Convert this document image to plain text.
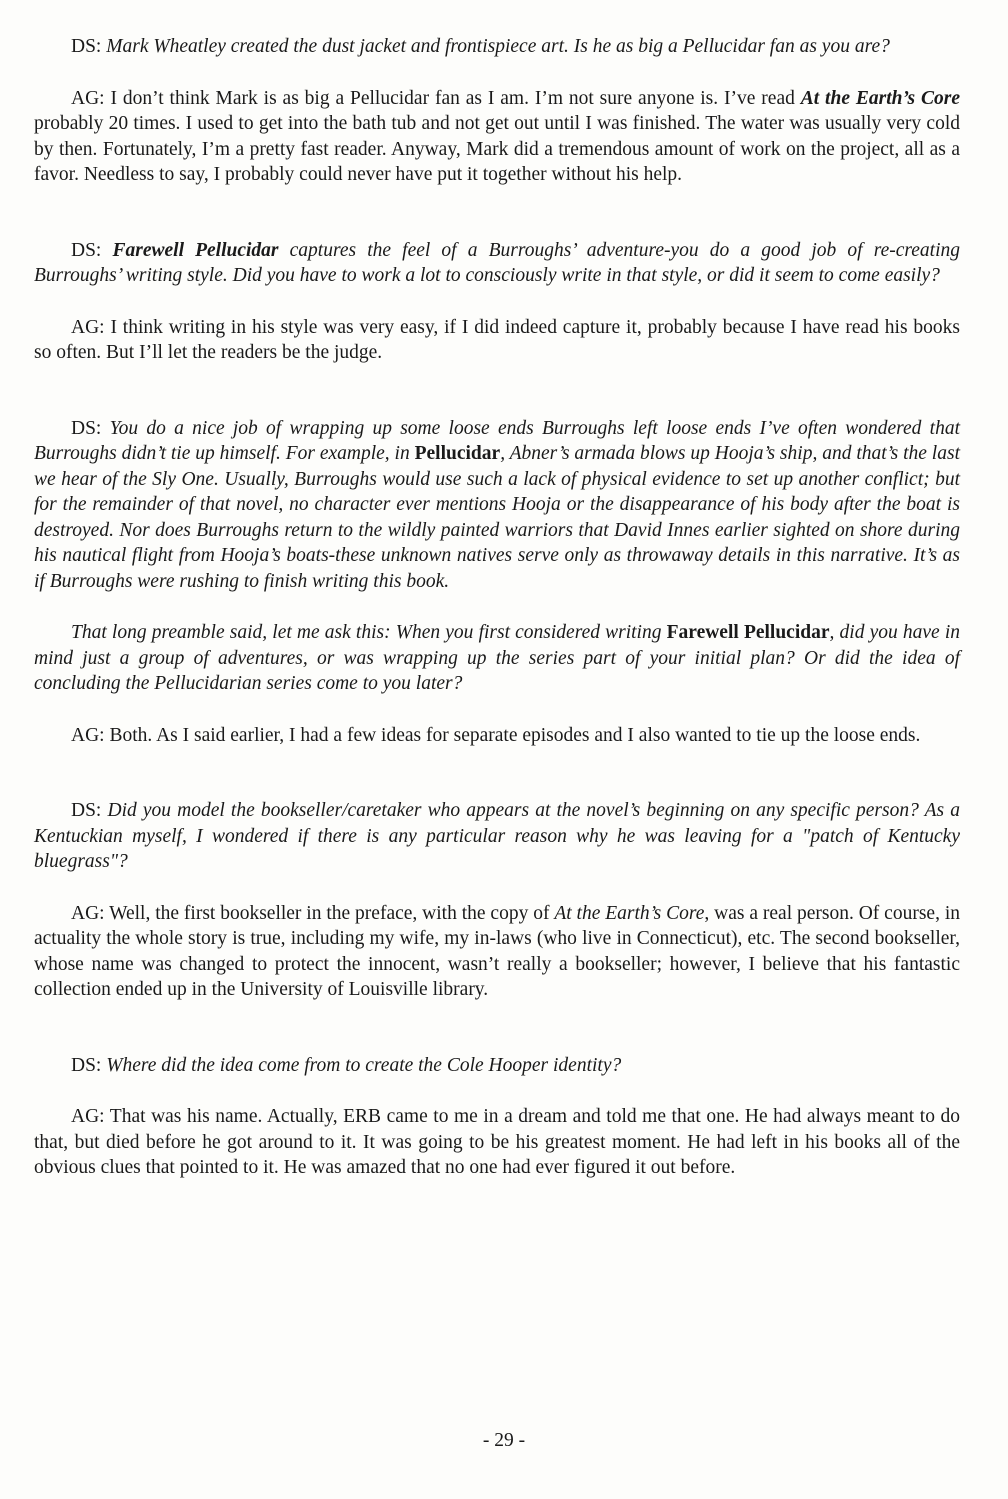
DS: Mark Wheatley created the dust jacket and frontispiece art. Is he as big a Pellucidar fan as you are?

AG: I don’t think Mark is as big a Pellucidar fan as I am. I’m not sure anyone is. I’ve read At the Earth’s Core probably 20 times. I used to get into the bath tub and not get out until I was finished. The water was usually very cold by then. Fortunately, I’m a pretty fast reader. Anyway, Mark did a tremendous amount of work on the project, all as a favor. Needless to say, I probably could never have put it together without his help.

DS: Farewell Pellucidar captures the feel of a Burroughs’ adventure-you do a good job of re-creating Burroughs’ writing style. Did you have to work a lot to consciously write in that style, or did it seem to come easily?

AG: I think writing in his style was very easy, if I did indeed capture it, probably because I have read his books so often. But I’ll let the readers be the judge.

DS: You do a nice job of wrapping up some loose ends Burroughs left loose ends I’ve often wondered that Burroughs didn’t tie up himself. For example, in Pellucidar, Abner’s armada blows up Hooja’s ship, and that’s the last we hear of the Sly One. Usually, Burroughs would use such a lack of physical evidence to set up another conflict; but for the remainder of that novel, no character ever mentions Hooja or the disappearance of his body after the boat is destroyed. Nor does Burroughs return to the wildly painted warriors that David Innes earlier sighted on shore during his nautical flight from Hooja’s boats-these unknown natives serve only as throwaway details in this narrative. It’s as if Burroughs were rushing to finish writing this book.

That long preamble said, let me ask this: When you first considered writing Farewell Pellucidar, did you have in mind just a group of adventures, or was wrapping up the series part of your initial plan? Or did the idea of concluding the Pellucidarian series come to you later?

AG: Both. As I said earlier, I had a few ideas for separate episodes and I also wanted to tie up the loose ends.

DS: Did you model the bookseller/caretaker who appears at the novel’s beginning on any specific person? As a Kentuckian myself, I wondered if there is any particular reason why he was leaving for a "patch of Kentucky bluegrass"?

AG: Well, the first bookseller in the preface, with the copy of At the Earth’s Core, was a real person. Of course, in actuality the whole story is true, including my wife, my in-laws (who live in Connecticut), etc. The second bookseller, whose name was changed to protect the innocent, wasn’t really a bookseller; however, I believe that his fantastic collection ended up in the University of Louisville library.

DS: Where did the idea come from to create the Cole Hooper identity?

AG: That was his name. Actually, ERB came to me in a dream and told me that one. He had always meant to do that, but died before he got around to it. It was going to be his greatest moment. He had left in his books all of the obvious clues that pointed to it. He was amazed that no one had ever figured it out before.

- 29 -
